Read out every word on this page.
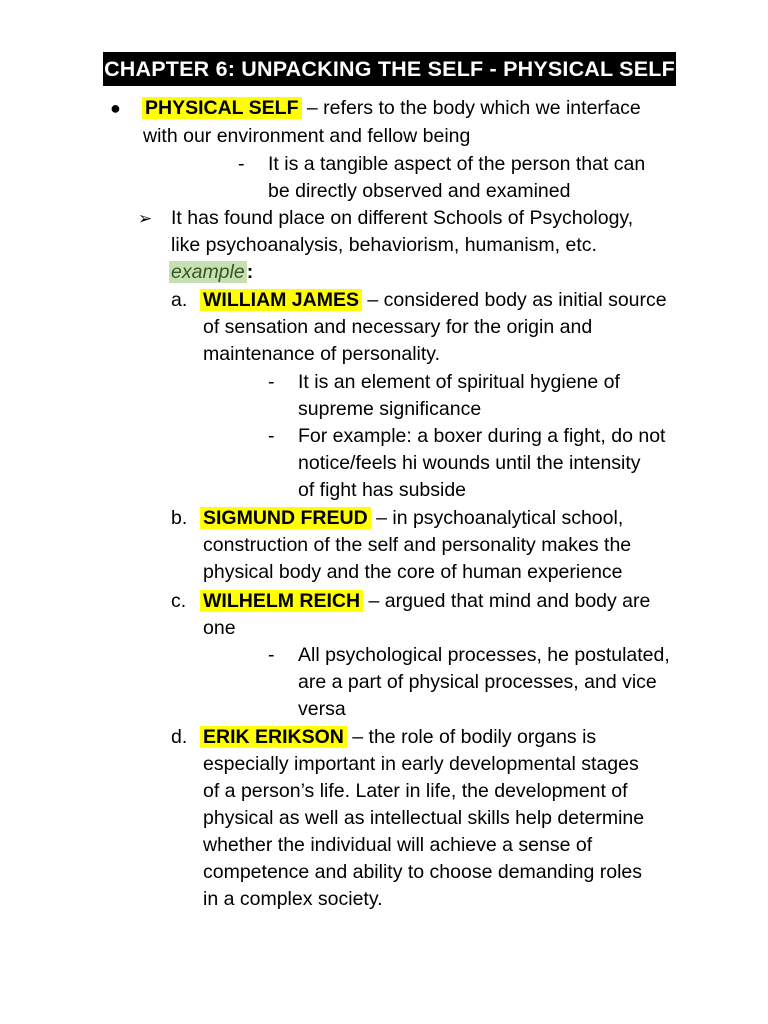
CHAPTER 6: UNPACKING THE SELF - PHYSICAL SELF
● PHYSICAL SELF – refers to the body which we interface
with our environment and fellow being
- It is a tangible aspect of the person that can
be directly observed and examined
➢ It has found place on different Schools of Psychology,
like psychoanalysis, behaviorism, humanism, etc.
example :
a. WILLIAM JAMES – considered body as initial source
of sensation and necessary for the origin and
maintenance of personality.
- It is an element of spiritual hygiene of
supreme significance
- For example: a boxer during a fight, do not
notice/feels hi wounds until the intensity
of fight has subside
b. SIGMUND FREUD – in psychoanalytical school,
construction of the self and personality makes the
physical body and the core of human experience
c. WILHELM REICH – argued that mind and body are
one
- All psychological processes, he postulated,
are a part of physical processes, and vice
versa
d. ERIK ERIKSON – the role of bodily organs is
especially important in early developmental stages
of a person’s life. Later in life, the development of
physical as well as intellectual skills help determine
whether the individual will achieve a sense of
competence and ability to choose demanding roles
in a complex society.
